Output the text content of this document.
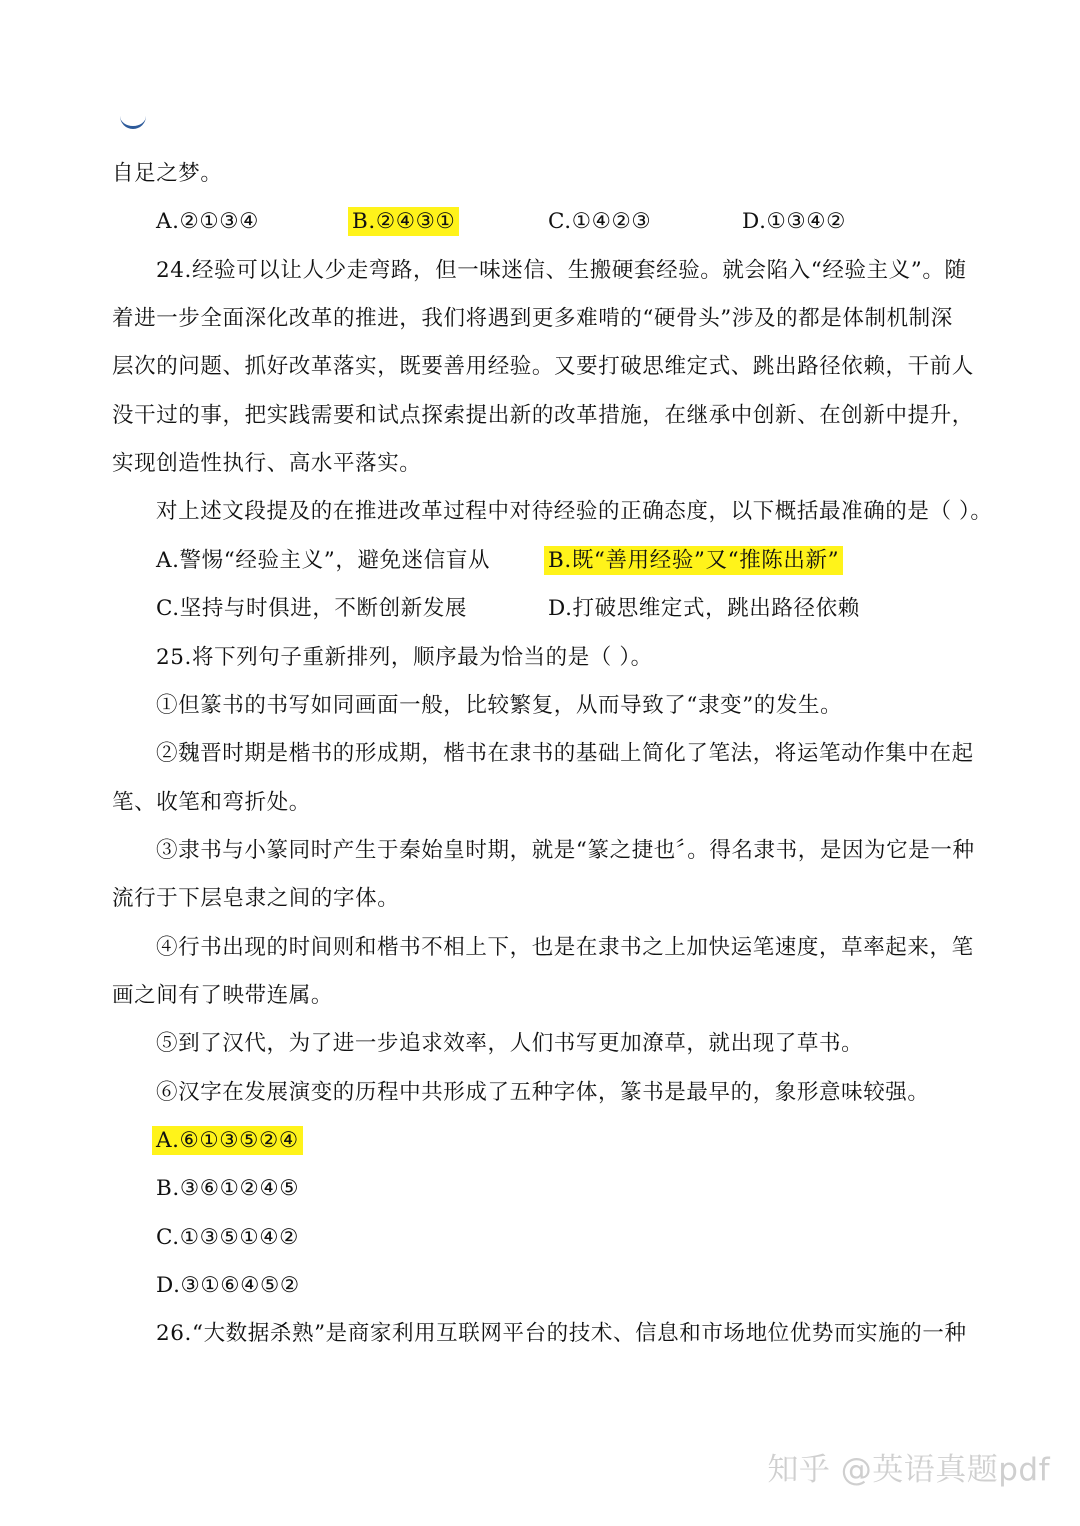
自足之梦。
A.②①③④	B.②④③①	C.①④②③	D.①③④②
24.经验可以让人少走弯路，但一味迷信、生搬硬套经验。就会陷入“经验主义”。随
着进一步全面深化改革的推进，我们将遇到更多难啃的“硬骨头”涉及的都是体制机制深
层次的问题、抓好改革落实，既要善用经验。又要打破思维定式、跳出路径依赖，干前人
没干过的事，把实践需要和试点探索提出新的改革措施，在继承中创新、在创新中提升，
实现创造性执行、高水平落实。
对上述文段提及的在推进改革过程中对待经验的正确态度，以下概括最准确的是（ ）。
A.警惕“经验主义”，避免迷信盲从	B.既“善用经验”又“推陈出新”
C.坚持与时俱进，不断创新发展	D.打破思维定式，跳出路径依赖
25.将下列句子重新排列，顺序最为恰当的是（ ）。
①但篆书的书写如同画面一般，比较繁复，从而导致了“隶变”的发生。
②魏晋时期是楷书的形成期，楷书在隶书的基础上简化了笔法，将运笔动作集中在起
笔、收笔和弯折处。
③隶书与小篆同时产生于秦始皇时期，就是“篆之捷也〞。得名隶书，是因为它是一种
流行于下层皂隶之间的字体。
④行书出现的时间则和楷书不相上下，也是在隶书之上加快运笔速度，草率起来，笔
画之间有了映带连属。
⑤到了汉代，为了进一步追求效率，人们书写更加潦草，就出现了草书。
⑥汉字在发展演变的历程中共形成了五种字体，篆书是最早的，象形意味较强。
A.⑥①③⑤②④
B.③⑥①②④⑤
C.①③⑤①④②
D.③①⑥④⑤②
26.“大数据杀熟”是商家利用互联网平台的技术、信息和市场地位优势而实施的一种
知乎 @英语真题pdf
